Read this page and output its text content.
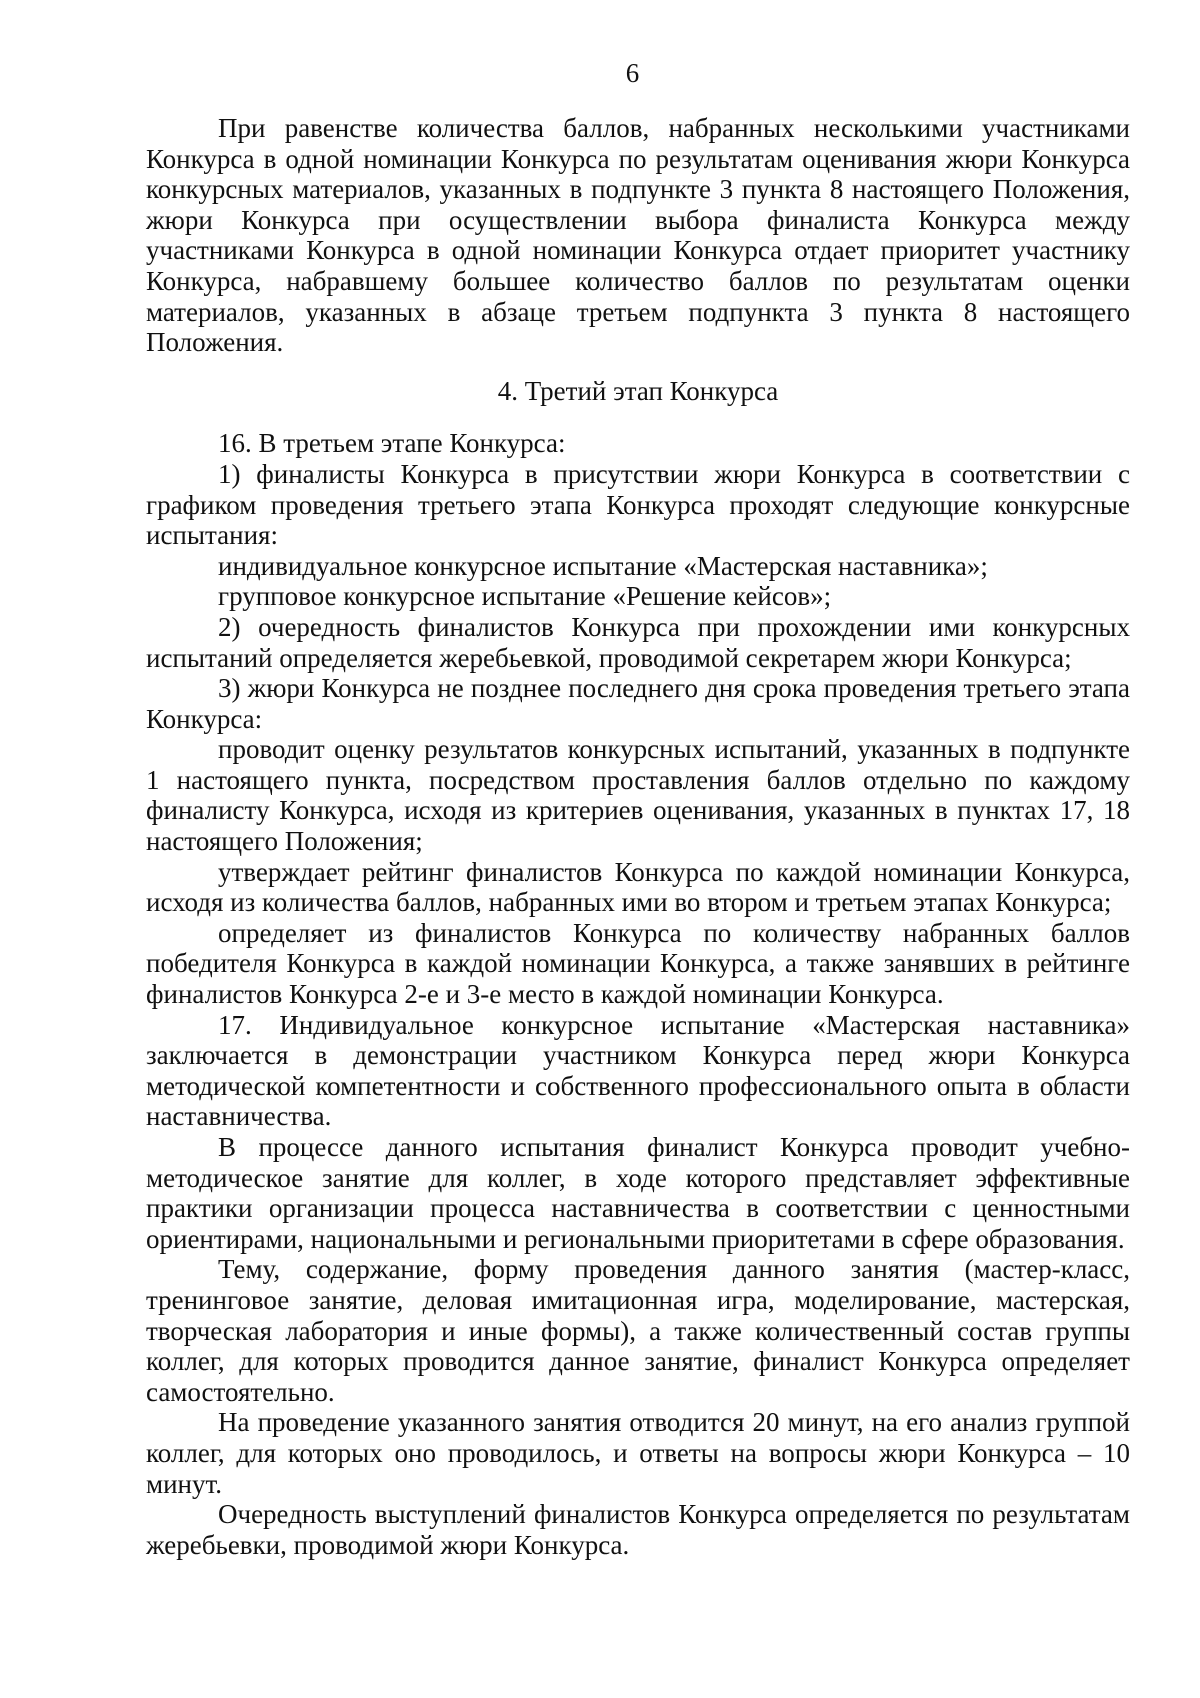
6

При равенстве количества баллов, набранных несколькими участниками Конкурса в одной номинации Конкурса по результатам оценивания жюри Конкурса конкурсных материалов, указанных в подпункте 3 пункта 8 настоящего Положения, жюри Конкурса при осуществлении выбора финалиста Конкурса между участниками Конкурса в одной номинации Конкурса отдает приоритет участнику Конкурса, набравшему большее количество баллов по результатам оценки материалов, указанных в абзаце третьем подпункта 3 пункта 8 настоящего Положения.

4. Третий этап Конкурса

16. В третьем этапе Конкурса:

1) финалисты Конкурса в присутствии жюри Конкурса в соответствии с графиком проведения третьего этапа Конкурса проходят следующие конкурсные испытания:

индивидуальное конкурсное испытание «Мастерская наставника»;

групповое конкурсное испытание «Решение кейсов»;

2) очередность финалистов Конкурса при прохождении ими конкурсных испытаний определяется жеребьевкой, проводимой секретарем жюри Конкурса;

3) жюри Конкурса не позднее последнего дня срока проведения третьего этапа Конкурса:

проводит оценку результатов конкурсных испытаний, указанных в подпункте 1 настоящего пункта, посредством проставления баллов отдельно по каждому финалисту Конкурса, исходя из критериев оценивания, указанных в пунктах 17, 18 настоящего Положения;

утверждает рейтинг финалистов Конкурса по каждой номинации Конкурса, исходя из количества баллов, набранных ими во втором и третьем этапах Конкурса;

определяет из финалистов Конкурса по количеству набранных баллов победителя Конкурса в каждой номинации Конкурса, а также занявших в рейтинге финалистов Конкурса 2-е и 3-е место в каждой номинации Конкурса.

17. Индивидуальное конкурсное испытание «Мастерская наставника» заключается в демонстрации участником Конкурса перед жюри Конкурса методической компетентности и собственного профессионального опыта в области наставничества.

В процессе данного испытания финалист Конкурса проводит учебно-методическое занятие для коллег, в ходе которого представляет эффективные практики организации процесса наставничества в соответствии с ценностными ориентирами, национальными и региональными приоритетами в сфере образования.

Тему, содержание, форму проведения данного занятия (мастер-класс, тренинговое занятие, деловая имитационная игра, моделирование, мастерская, творческая лаборатория и иные формы), а также количественный состав группы коллег, для которых проводится данное занятие, финалист Конкурса определяет самостоятельно.

На проведение указанного занятия отводится 20 минут, на его анализ группой коллег, для которых оно проводилось, и ответы на вопросы жюри Конкурса – 10 минут.

Очередность выступлений финалистов Конкурса определяется по результатам жеребьевки, проводимой жюри Конкурса.
